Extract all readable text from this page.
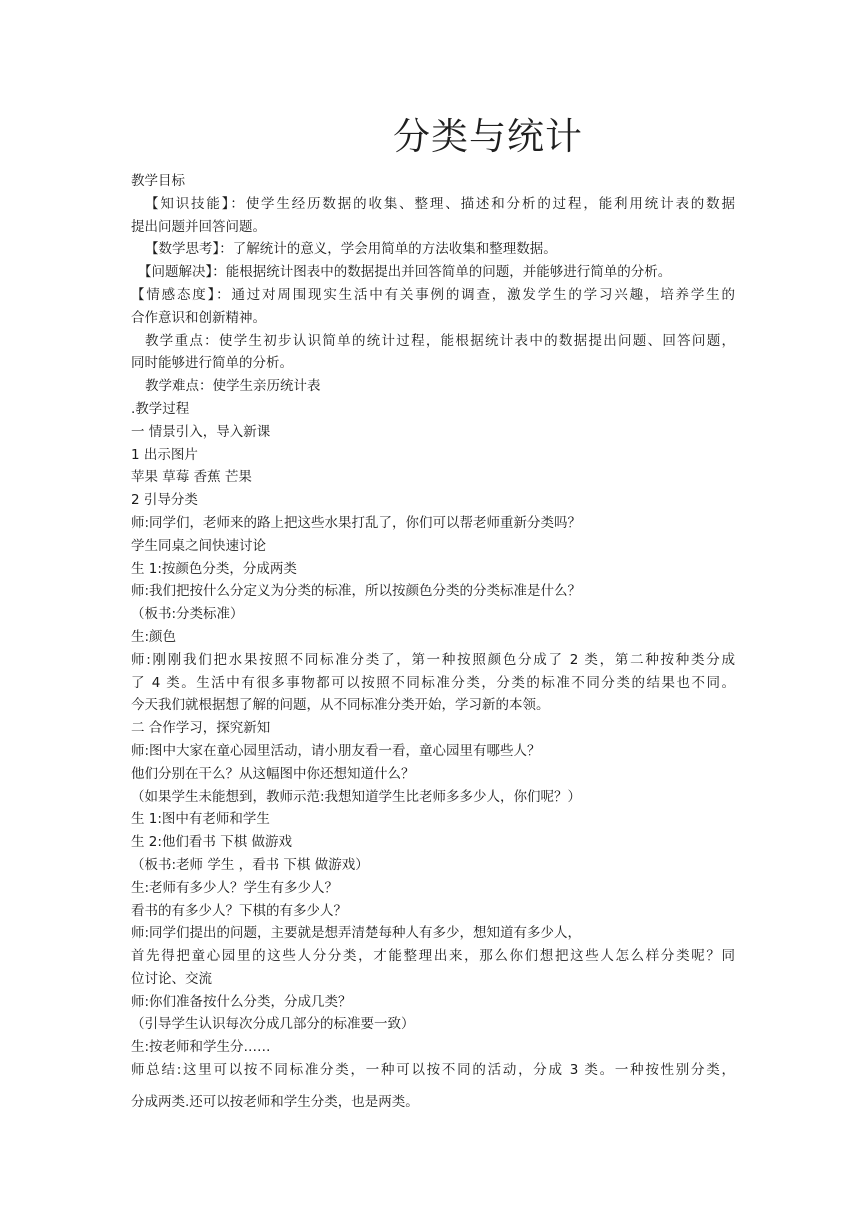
分类与统计
教学目标
【知识技能】：使学生经历数据的收集、整理、描述和分析的过程，能利用统计表的数据
提出问题并回答问题。
【数学思考】：了解统计的意义，学会用简单的方法收集和整理数据。
【问题解决】：能根据统计图表中的数据提出并回答简单的问题，并能够进行简单的分析。
【情感态度】：通过对周围现实生活中有关事例的调查，激发学生的学习兴趣，培养学生的
合作意识和创新精神。
教学重点：使学生初步认识简单的统计过程，能根据统计表中的数据提出问题、回答问题，
同时能够进行简单的分析。
教学难点：使学生亲历统计表
.教学过程
一 情景引入，导入新课
1 出示图片
苹果 草莓 香蕉 芒果
2 引导分类
师:同学们，老师来的路上把这些水果打乱了，你们可以帮老师重新分类吗？
学生同桌之间快速讨论
生 1:按颜色分类，分成两类
师:我们把按什么分定义为分类的标准，所以按颜色分类的分类标准是什么？
（板书:分类标准）
生:颜色
师:刚刚我们把水果按照不同标准分类了，第一种按照颜色分成了 2 类，第二种按种类分成
了 4 类。生活中有很多事物都可以按照不同标准分类，分类的标准不同分类的结果也不同。
今天我们就根据想了解的问题，从不同标准分类开始，学习新的本领。
二 合作学习，探究新知
师:图中大家在童心园里活动，请小朋友看一看，童心园里有哪些人？
他们分别在干么？从这幅图中你还想知道什么？
（如果学生未能想到，教师示范:我想知道学生比老师多多少人，你们呢？）
生 1:图中有老师和学生
生 2:他们看书 下棋 做游戏
（板书:老师 学生 ，看书 下棋 做游戏）
生:老师有多少人？学生有多少人？
看书的有多少人？下棋的有多少人？
师:同学们提出的问题，主要就是想弄清楚每种人有多少，想知道有多少人，
首先得把童心园里的这些人分分类，才能整理出来，那么你们想把这些人怎么样分类呢？同
位讨论、交流
师:你们准备按什么分类，分成几类？
（引导学生认识每次分成几部分的标准要一致）
生:按老师和学生分……
师总结:这里可以按不同标准分类，一种可以按不同的活动，分成 3 类。一种按性别分类，
分成两类.还可以按老师和学生分类，也是两类。
